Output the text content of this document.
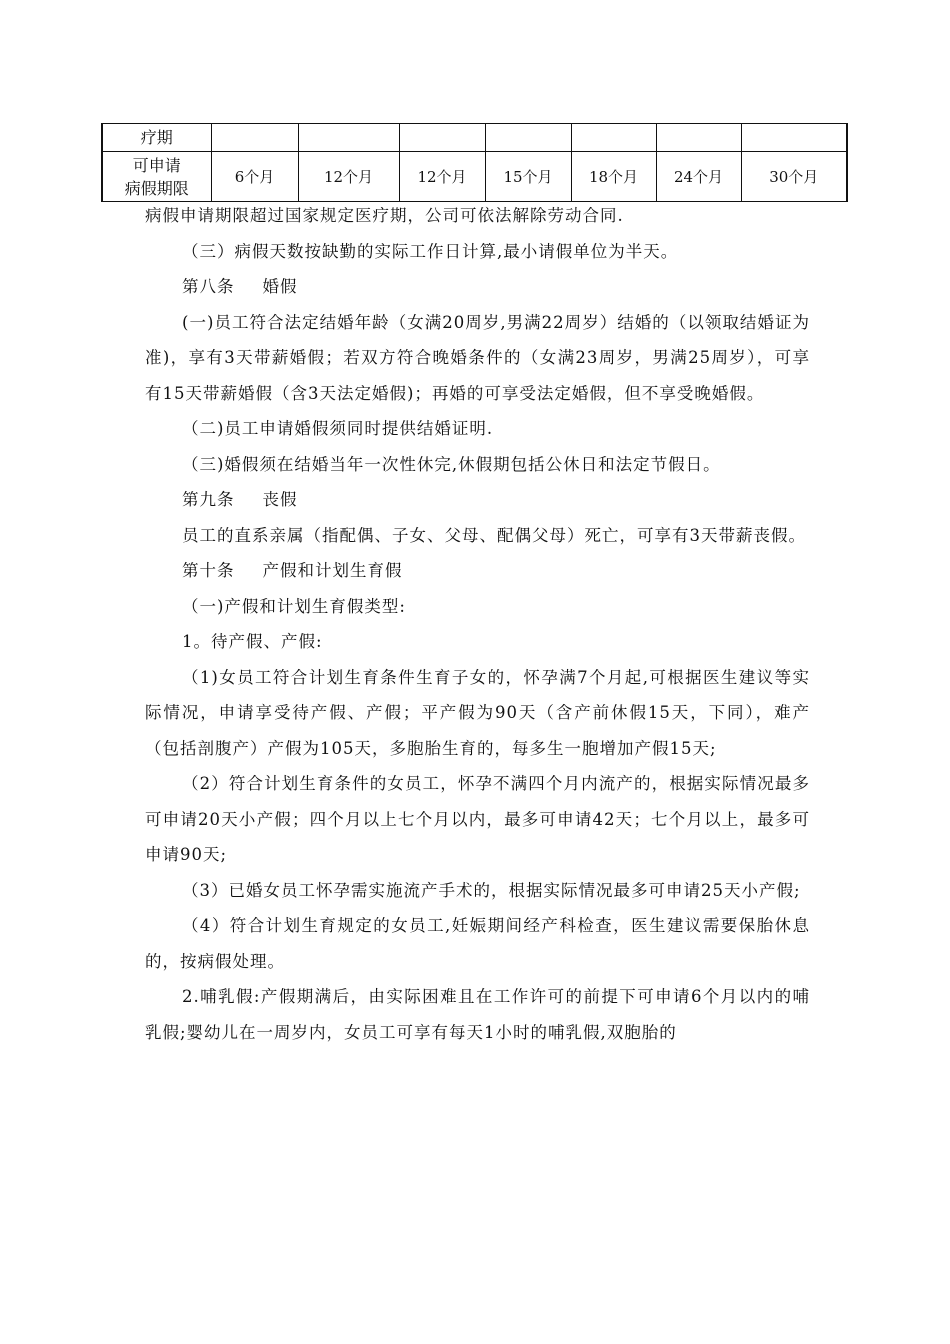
疗期							

可申请
病假期限	6个月	12个月	12个月	15个月	18个月	24个月	30个月

病假申请期限超过国家规定医疗期，公司可依法解除劳动合同.

（三）病假天数按缺勤的实际工作日计算,最小请假单位为半天。

第八条 婚假

(一)员工符合法定结婚年龄（女满20周岁,男满22周岁）结婚的（以领取结婚证为准)，享有3天带薪婚假；若双方符合晚婚条件的（女满23周岁，男满25周岁），可享有15天带薪婚假（含3天法定婚假)；再婚的可享受法定婚假，但不享受晚婚假。

（二)员工申请婚假须同时提供结婚证明.

（三)婚假须在结婚当年一次性休完,休假期包括公休日和法定节假日。

第九条 丧假

员工的直系亲属（指配偶、子女、父母、配偶父母）死亡，可享有3天带薪丧假。

第十条 产假和计划生育假

（一)产假和计划生育假类型:

1。待产假、产假:

（1)女员工符合计划生育条件生育子女的，怀孕满7个月起,可根据医生建议等实际情况，申请享受待产假、产假；平产假为90天（含产前休假15天，下同），难产（包括剖腹产）产假为105天，多胞胎生育的，每多生一胞增加产假15天;

（2）符合计划生育条件的女员工，怀孕不满四个月内流产的，根据实际情况最多可申请20天小产假；四个月以上七个月以内，最多可申请42天；七个月以上，最多可申请90天;

（3）已婚女员工怀孕需实施流产手术的，根据实际情况最多可申请25天小产假;

（4）符合计划生育规定的女员工,妊娠期间经产科检查，医生建议需要保胎休息的，按病假处理。

2.哺乳假:产假期满后，由实际困难且在工作许可的前提下可申请6个月以内的哺乳假;婴幼儿在一周岁内，女员工可享有每天1小时的哺乳假,双胞胎的
